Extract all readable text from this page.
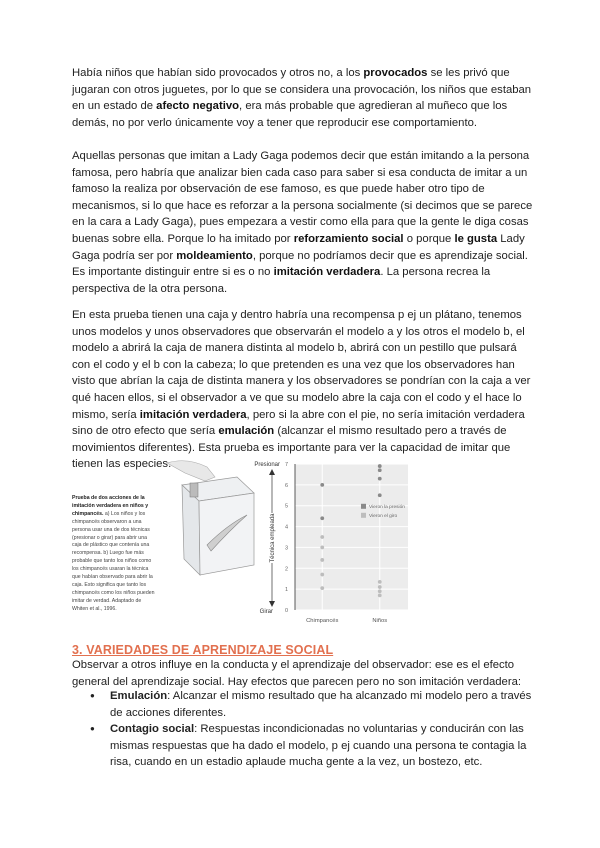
Había niños que habían sido provocados y otros no, a los provocados se les privó que jugaran con otros juguetes, por lo que se considera una provocación, los niños que estaban en un estado de afecto negativo, era más probable que agredieran al muñeco que los demás, no por verlo únicamente voy a tener que reproducir ese comportamiento.
Aquellas personas que imitan a Lady Gaga podemos decir que están imitando a la persona famosa, pero habría que analizar bien cada caso para saber si esa conducta de imitar a un famoso la realiza por observación de ese famoso, es que puede haber otro tipo de mecanismos, si lo que hace es reforzar a la persona socialmente (si decimos que se parece en la cara a Lady Gaga), pues empezara a vestir como ella para que la gente le diga cosas buenas sobre ella. Porque lo ha imitado por reforzamiento social o porque le gusta Lady Gaga podría ser por moldeamiento, porque no podríamos decir que es aprendizaje social.
Es importante distinguir entre si es o no imitación verdadera. La persona recrea la perspectiva de la otra persona.
En esta prueba tienen una caja y dentro habría una recompensa p ej un plátano, tenemos unos modelos y unos observadores que observarán el modelo a y los otros el modelo b, el modelo a abrirá la caja de manera distinta al modelo b, abrirá con un pestillo que pulsará con el codo y el b con la cabeza; lo que pretenden es una vez que los observadores han visto que abrían la caja de distinta manera y los observadores se pondrían con la caja a ver qué hacen ellos, si el observador a ve que su modelo abre la caja con el codo y el hace lo mismo, sería imitación verdadera, pero si la abre con el pie, no sería imitación verdadera sino de otro efecto que sería emulación (alcanzar el mismo resultado pero a través de movimientos diferentes). Esta prueba es importante para ver la capacidad de imitar que tienen las especies.
Prueba de dos acciones de la imitación verdadera en niños y chimpancés. a) Los niños y los chimpancés observaron a una persona usar una de dos técnicas (presionar o girar) para abrir una caja de plástico que contenía una recompensa. b) Luego fue más probable que tanto los niños como los chimpancés usaran la técnica que habían observado para abrir la caja. Esto significa que tanto los chimpancés como los niños pueden imitar de verdad. Adaptado de Whiten et al., 1996.	0
1
2
3
4
5
6
7
Chimpancés	Niños
Presionar
Girar
Técnica empleada
Vieron la presión
Vieron el giro
3. VARIEDADES DE APRENDIZAJE SOCIAL
Observar a otros influye en la conducta y el aprendizaje del observador: ese es el efecto general del aprendizaje social. Hay efectos que parecen pero no son imitación verdadera:
● Emulación: Alcanzar el mismo resultado que ha alcanzado mi modelo pero a través de acciones diferentes.
● Contagio social: Respuestas incondicionadas no voluntarias y conducirán con las mismas respuestas que ha dado el modelo, p ej cuando una persona te contagia la risa, cuando en un estadio aplaude mucha gente a la vez, un bostezo, etc.
